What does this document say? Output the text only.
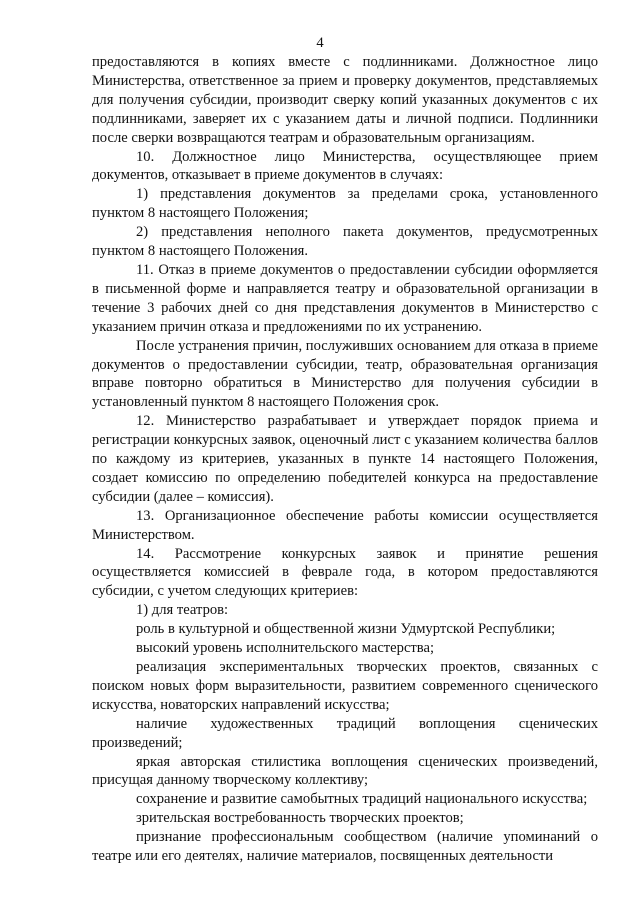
4

предоставляются в копиях вместе с подлинниками. Должностное лицо Министерства, ответственное за прием и проверку документов, представляемых для получения субсидии, производит сверку копий указанных документов с их подлинниками, заверяет их с указанием даты и личной подписи. Подлинники после сверки возвращаются театрам и образовательным организациям.

10. Должностное лицо Министерства, осуществляющее прием документов, отказывает в приеме документов в случаях:

1) представления документов за пределами срока, установленного пунктом 8 настоящего Положения;

2) представления неполного пакета документов, предусмотренных пунктом 8 настоящего Положения.

11. Отказ в приеме документов о предоставлении субсидии оформляется в письменной форме и направляется театру и образовательной организации в течение 3 рабочих дней со дня представления документов в Министерство с указанием причин отказа и предложениями по их устранению.

После устранения причин, послуживших основанием для отказа в приеме документов о предоставлении субсидии, театр, образовательная организация вправе повторно обратиться в Министерство для получения субсидии в установленный пунктом 8 настоящего Положения срок.

12. Министерство разрабатывает и утверждает порядок приема и регистрации конкурсных заявок, оценочный лист с указанием количества баллов по каждому из критериев, указанных в пункте 14 настоящего Положения, создает комиссию по определению победителей конкурса на предоставление субсидии (далее – комиссия).

13. Организационное обеспечение работы комиссии осуществляется Министерством.

14. Рассмотрение конкурсных заявок и принятие решения осуществляется комиссией в феврале года, в котором предоставляются субсидии, с учетом следующих критериев:

1) для театров:

роль в культурной и общественной жизни Удмуртской Республики;

высокий уровень исполнительского мастерства;

реализация экспериментальных творческих проектов, связанных с поиском новых форм выразительности, развитием современного сценического искусства, новаторских направлений искусства;

наличие художественных традиций воплощения сценических произведений;

яркая авторская стилистика воплощения сценических произведений, присущая данному творческому коллективу;

сохранение и развитие самобытных традиций национального искусства;

зрительская востребованность творческих проектов;

признание профессиональным сообществом (наличие упоминаний о театре или его деятелях, наличие материалов, посвященных деятельности
